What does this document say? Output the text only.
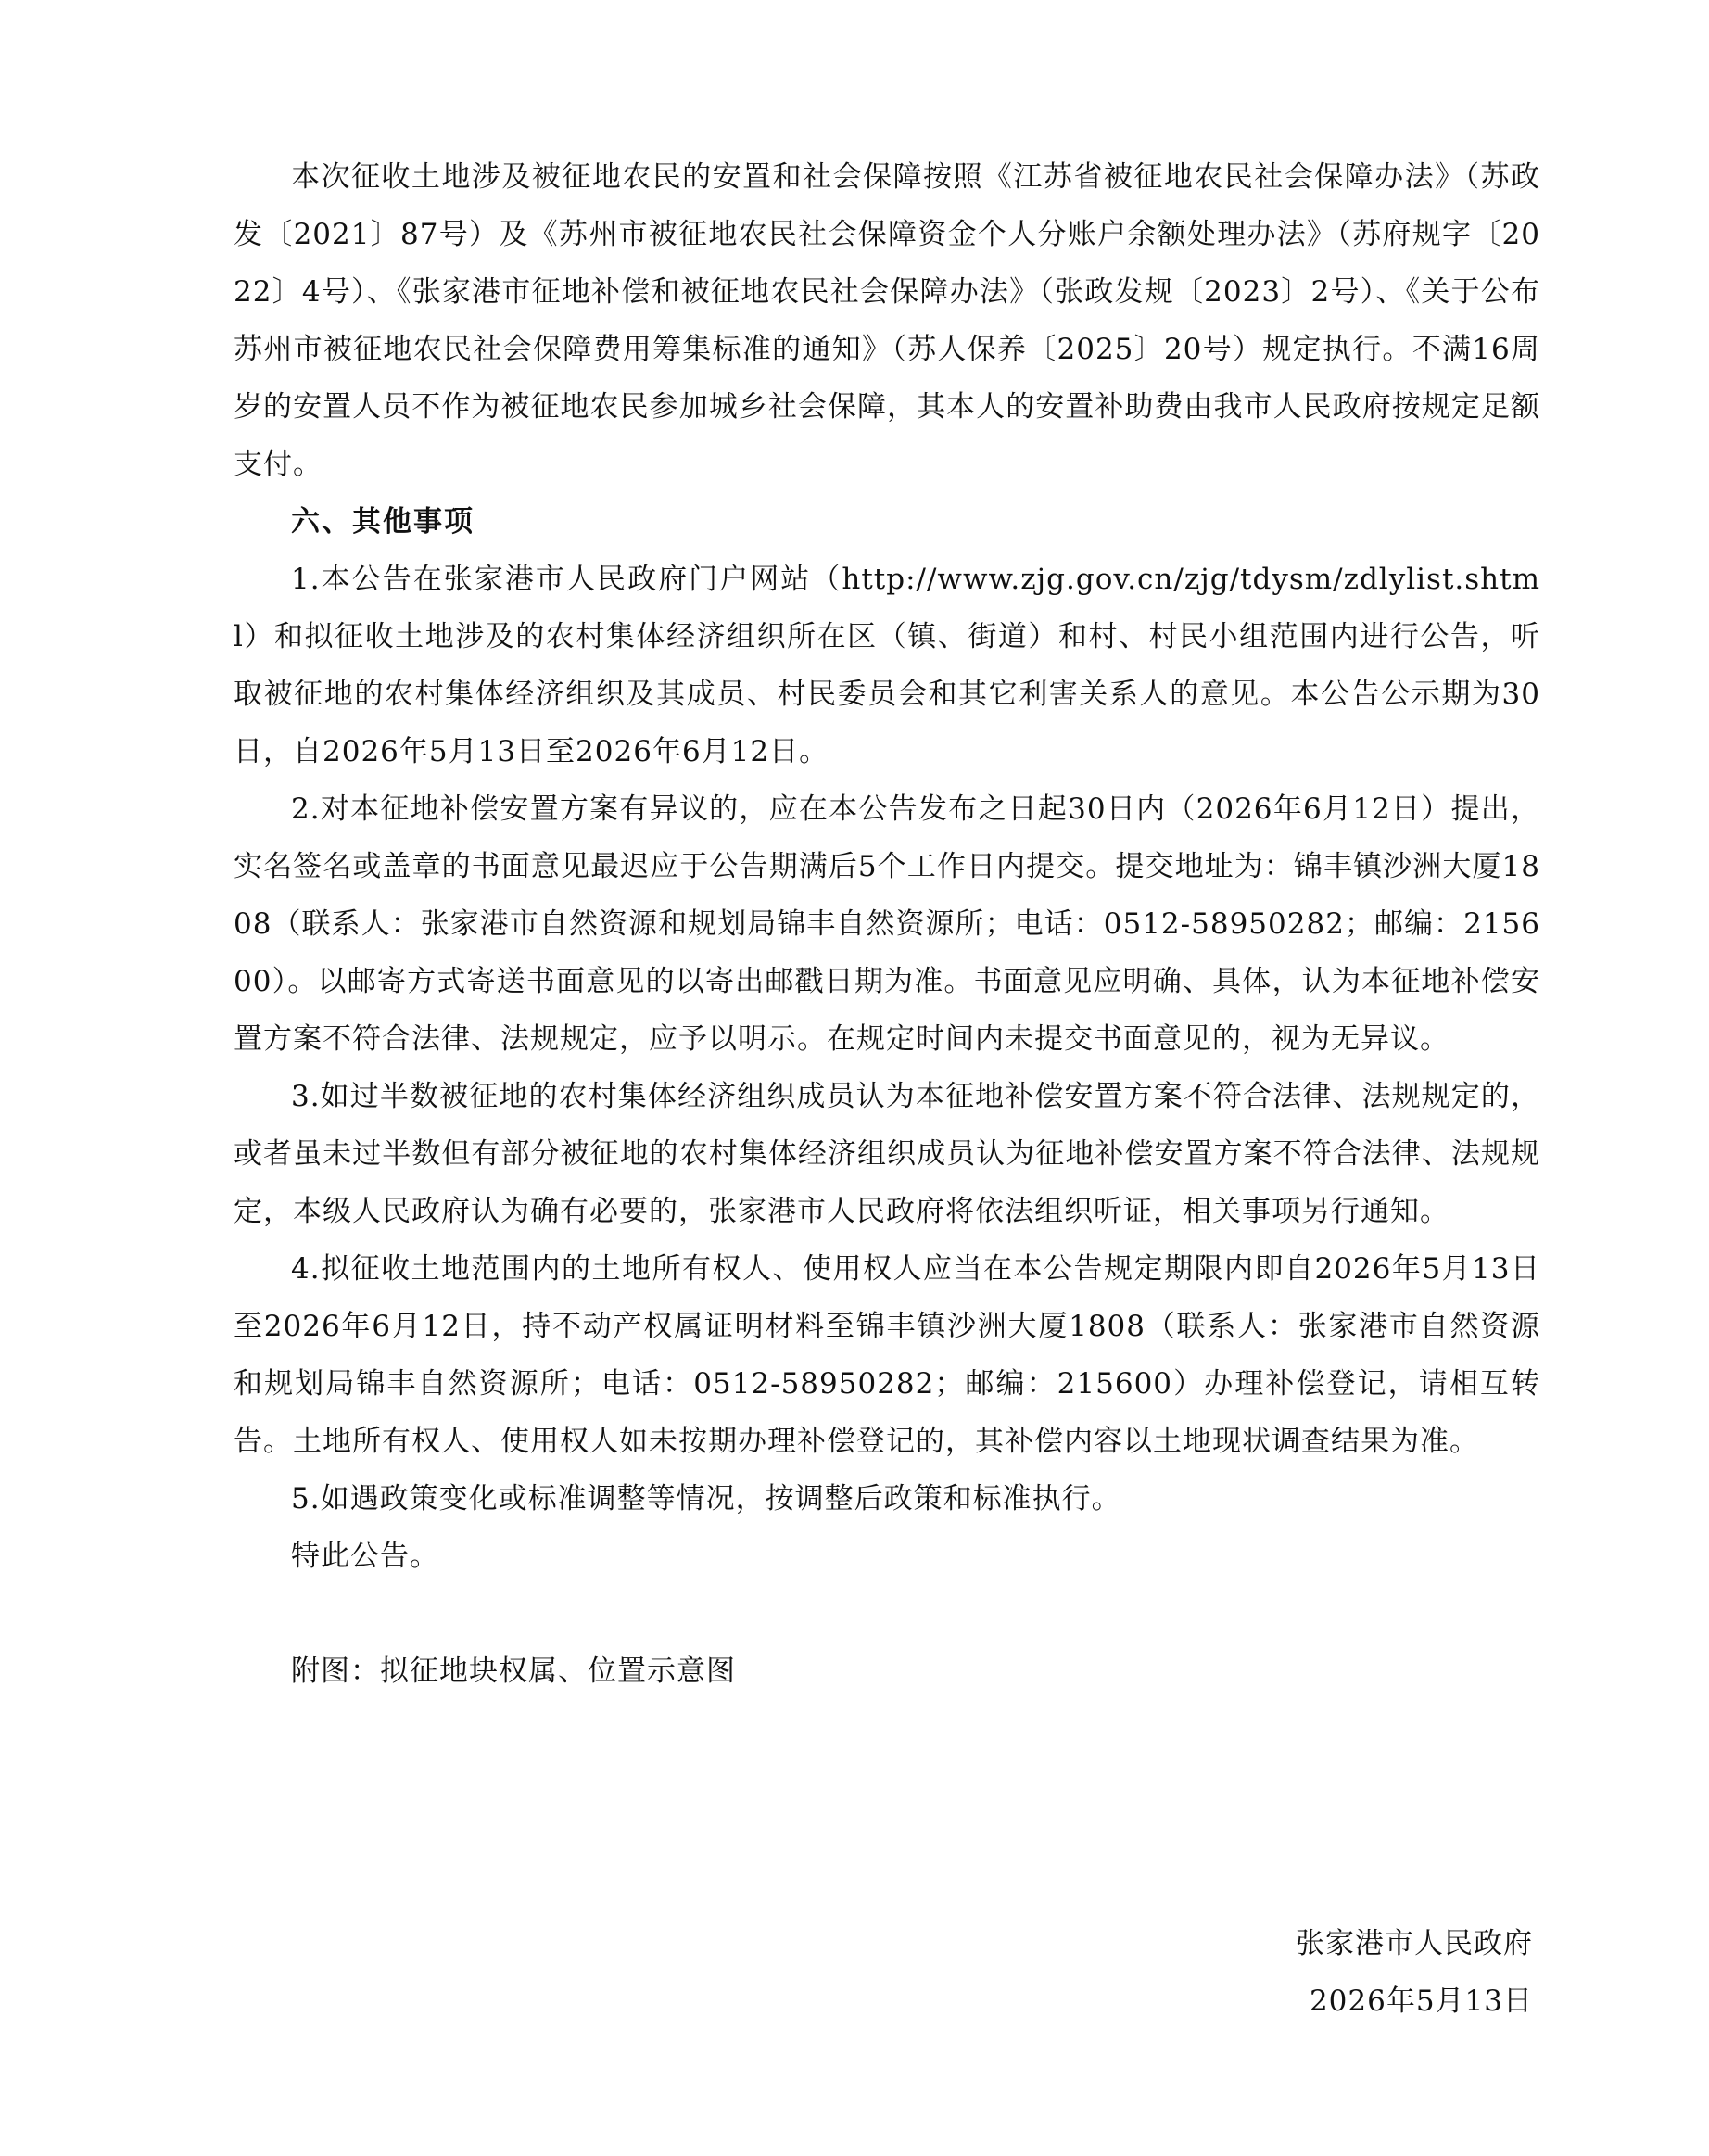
本次征收土地涉及被征地农民的安置和社会保障按照《江苏省被征地农民社会保障办法》（苏政发〔2021〕87号）及《苏州市被征地农民社会保障资金个人分账户余额处理办法》（苏府规字〔2022〕4号）、《张家港市征地补偿和被征地农民社会保障办法》（张政发规〔2023〕2号）、《关于公布苏州市被征地农民社会保障费用筹集标准的通知》（苏人保养〔2025〕20号）规定执行。不满16周岁的安置人员不作为被征地农民参加城乡社会保障，其本人的安置补助费由我市人民政府按规定足额支付。

六、其他事项

1.本公告在张家港市人民政府门户网站（http://www.zjg.gov.cn/zjg/tdysm/zdlylist.shtml）和拟征收土地涉及的农村集体经济组织所在区（镇、街道）和村、村民小组范围内进行公告，听取被征地的农村集体经济组织及其成员、村民委员会和其它利害关系人的意见。本公告公示期为30日，自2026年5月13日至2026年6月12日。

2.对本征地补偿安置方案有异议的，应在本公告发布之日起30日内（2026年6月12日）提出，实名签名或盖章的书面意见最迟应于公告期满后5个工作日内提交。提交地址为：锦丰镇沙洲大厦1808（联系人：张家港市自然资源和规划局锦丰自然资源所；电话：0512-58950282；邮编：215600）。以邮寄方式寄送书面意见的以寄出邮戳日期为准。书面意见应明确、具体，认为本征地补偿安置方案不符合法律、法规规定，应予以明示。在规定时间内未提交书面意见的，视为无异议。

3.如过半数被征地的农村集体经济组织成员认为本征地补偿安置方案不符合法律、法规规定的，或者虽未过半数但有部分被征地的农村集体经济组织成员认为征地补偿安置方案不符合法律、法规规定，本级人民政府认为确有必要的，张家港市人民政府将依法组织听证，相关事项另行通知。

4.拟征收土地范围内的土地所有权人、使用权人应当在本公告规定期限内即自2026年5月13日至2026年6月12日，持不动产权属证明材料至锦丰镇沙洲大厦1808（联系人：张家港市自然资源和规划局锦丰自然资源所；电话：0512-58950282；邮编：215600）办理补偿登记，请相互转告。土地所有权人、使用权人如未按期办理补偿登记的，其补偿内容以土地现状调查结果为准。

5.如遇政策变化或标准调整等情况，按调整后政策和标准执行。

特此公告。

附图：拟征地块权属、位置示意图

张家港市人民政府
2026年5月13日
